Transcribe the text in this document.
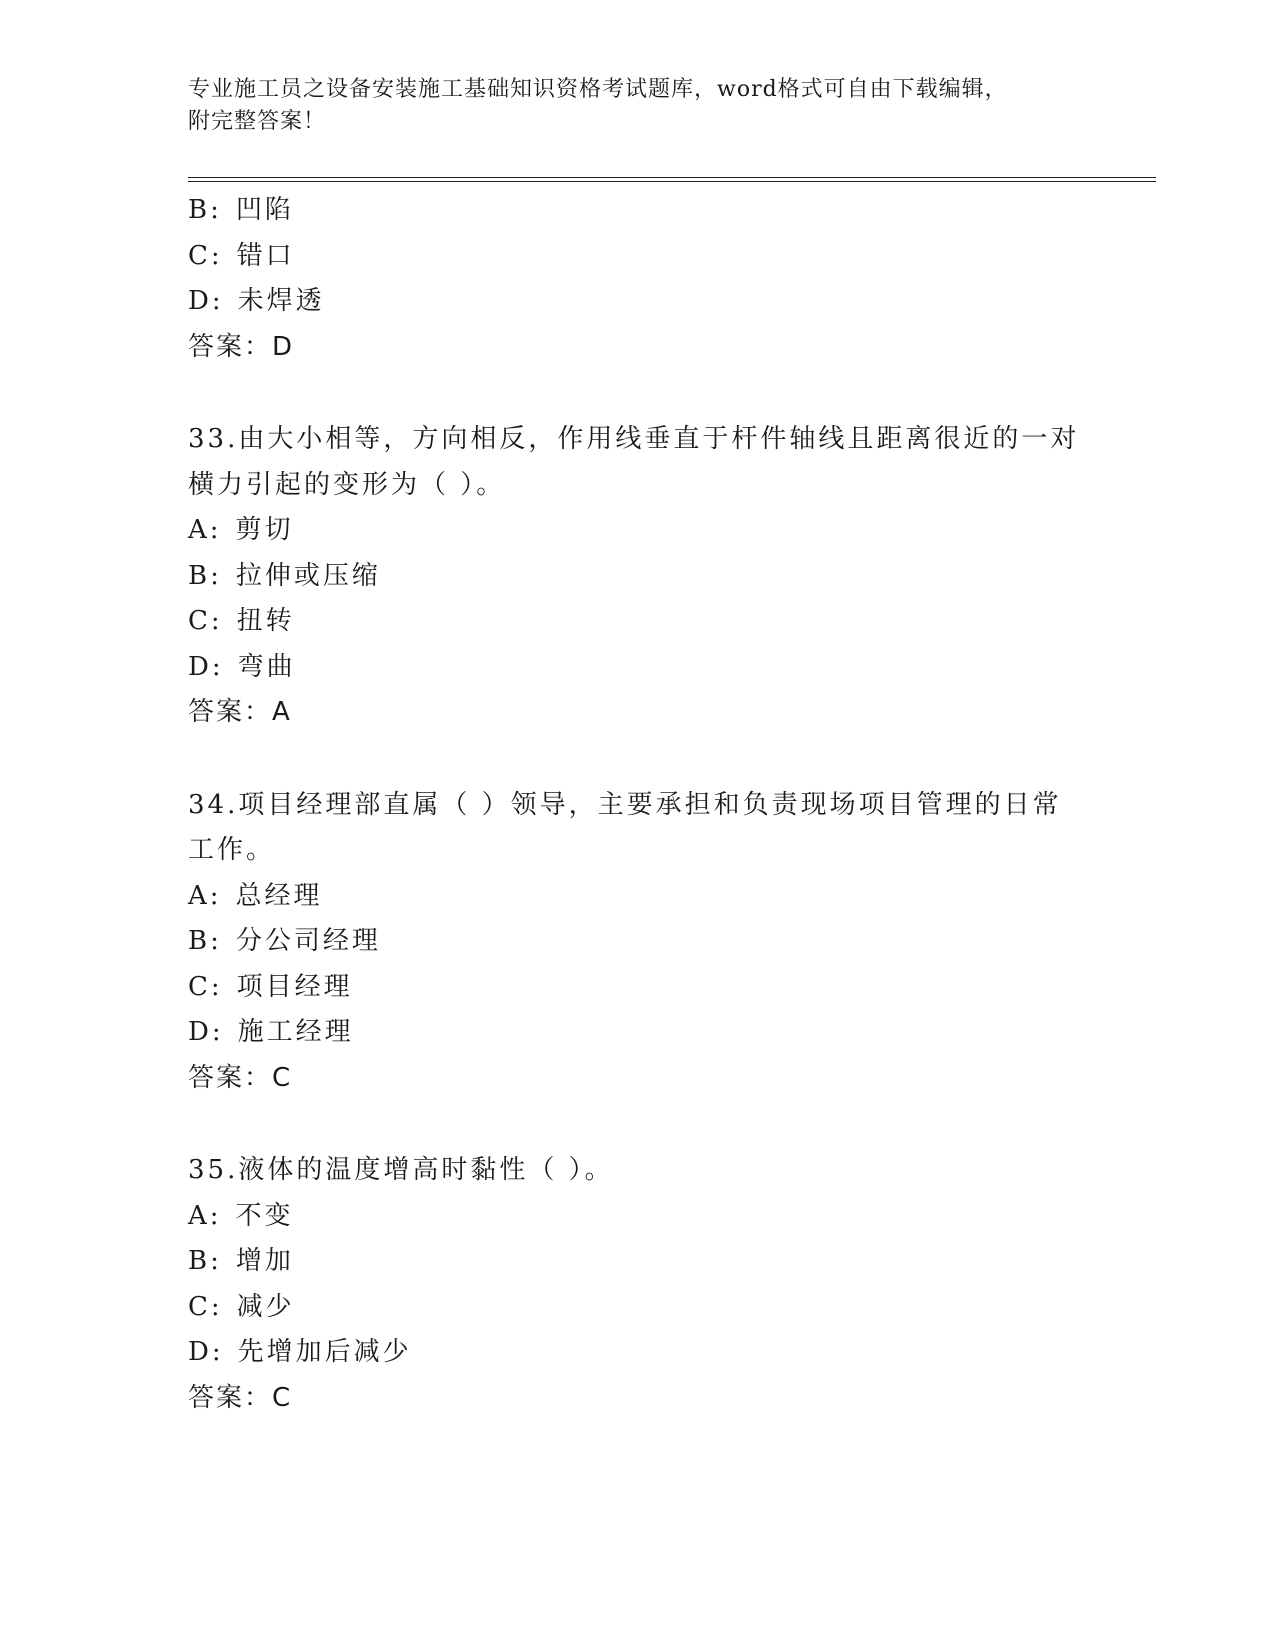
专业施工员之设备安装施工基础知识资格考试题库，word格式可自由下载编辑，
附完整答案！
B: 凹陷
C: 错口
D: 未焊透
答案：D
33.由大小相等，方向相反，作用线垂直于杆件轴线且距离很近的一对
横力引起的变形为（ ）。
A: 剪切
B: 拉伸或压缩
C: 扭转
D: 弯曲
答案：A
34.项目经理部直属（ ）领导，主要承担和负责现场项目管理的日常
工作。
A: 总经理
B: 分公司经理
C: 项目经理
D: 施工经理
答案：C
35.液体的温度增高时黏性（ ）。
A: 不变
B: 增加
C: 减少
D: 先增加后减少
答案：C
